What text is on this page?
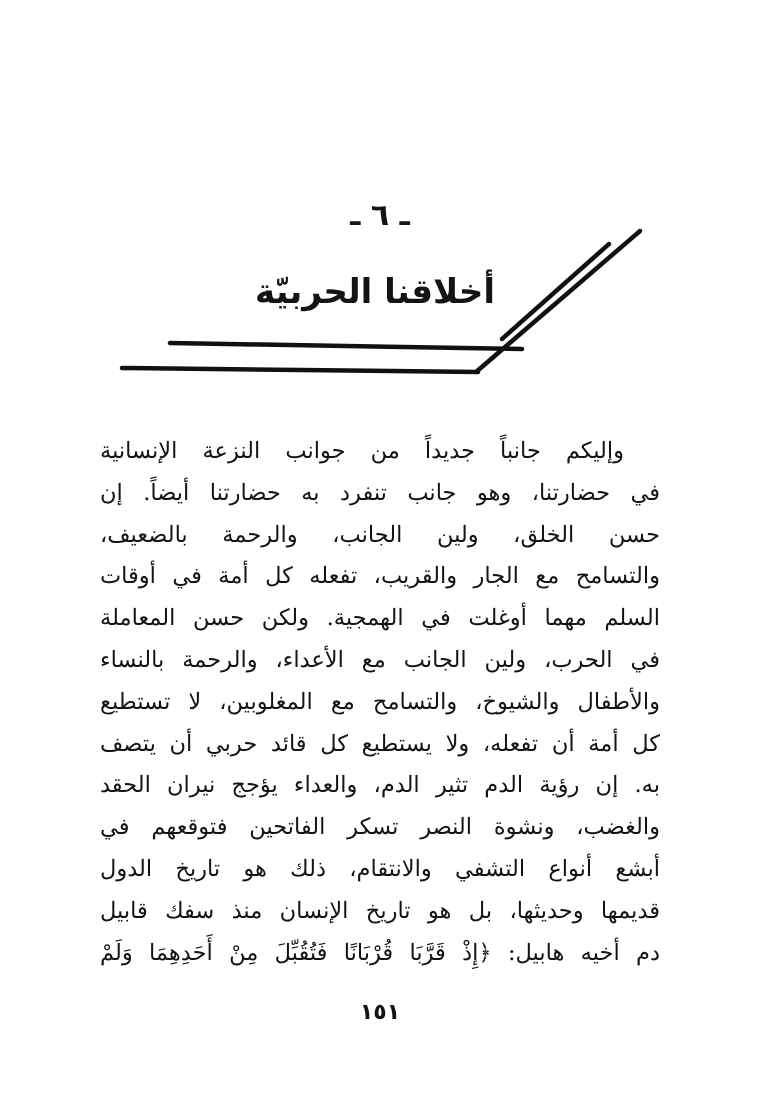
ـ ٦ ـ
أخلاقنا الحربيّة
وإليكم جانباً جديداً من جوانب النزعة الإنسانية
في حضارتنا، وهو جانب تنفرد به حضارتنا أيضاً. إن
حسن الخلق، ولين الجانب، والرحمة بالضعيف،
والتسامح مع الجار والقريب، تفعله كل أمة في أوقات
السلم مهما أوغلت في الهمجية. ولكن حسن المعاملة
في الحرب، ولين الجانب مع الأعداء، والرحمة بالنساء
والأطفال والشيوخ، والتسامح مع المغلوبين، لا تستطيع
كل أمة أن تفعله، ولا يستطيع كل قائد حربي أن يتصف
به. إن رؤية الدم تثير الدم، والعداء يؤجج نيران الحقد
والغضب، ونشوة النصر تسكر الفاتحين فتوقعهم في
أبشع أنواع التشفي والانتقام، ذلك هو تاريخ الدول
قديمها وحديثها، بل هو تاريخ الإنسان منذ سفك قابيل
دم أخيه هابيل: ﴿إِذْ قَرَّبَا قُرْبَانًا فَتُقُبِّلَ مِنْ أَحَدِهِمَا وَلَمْ
١٥١
